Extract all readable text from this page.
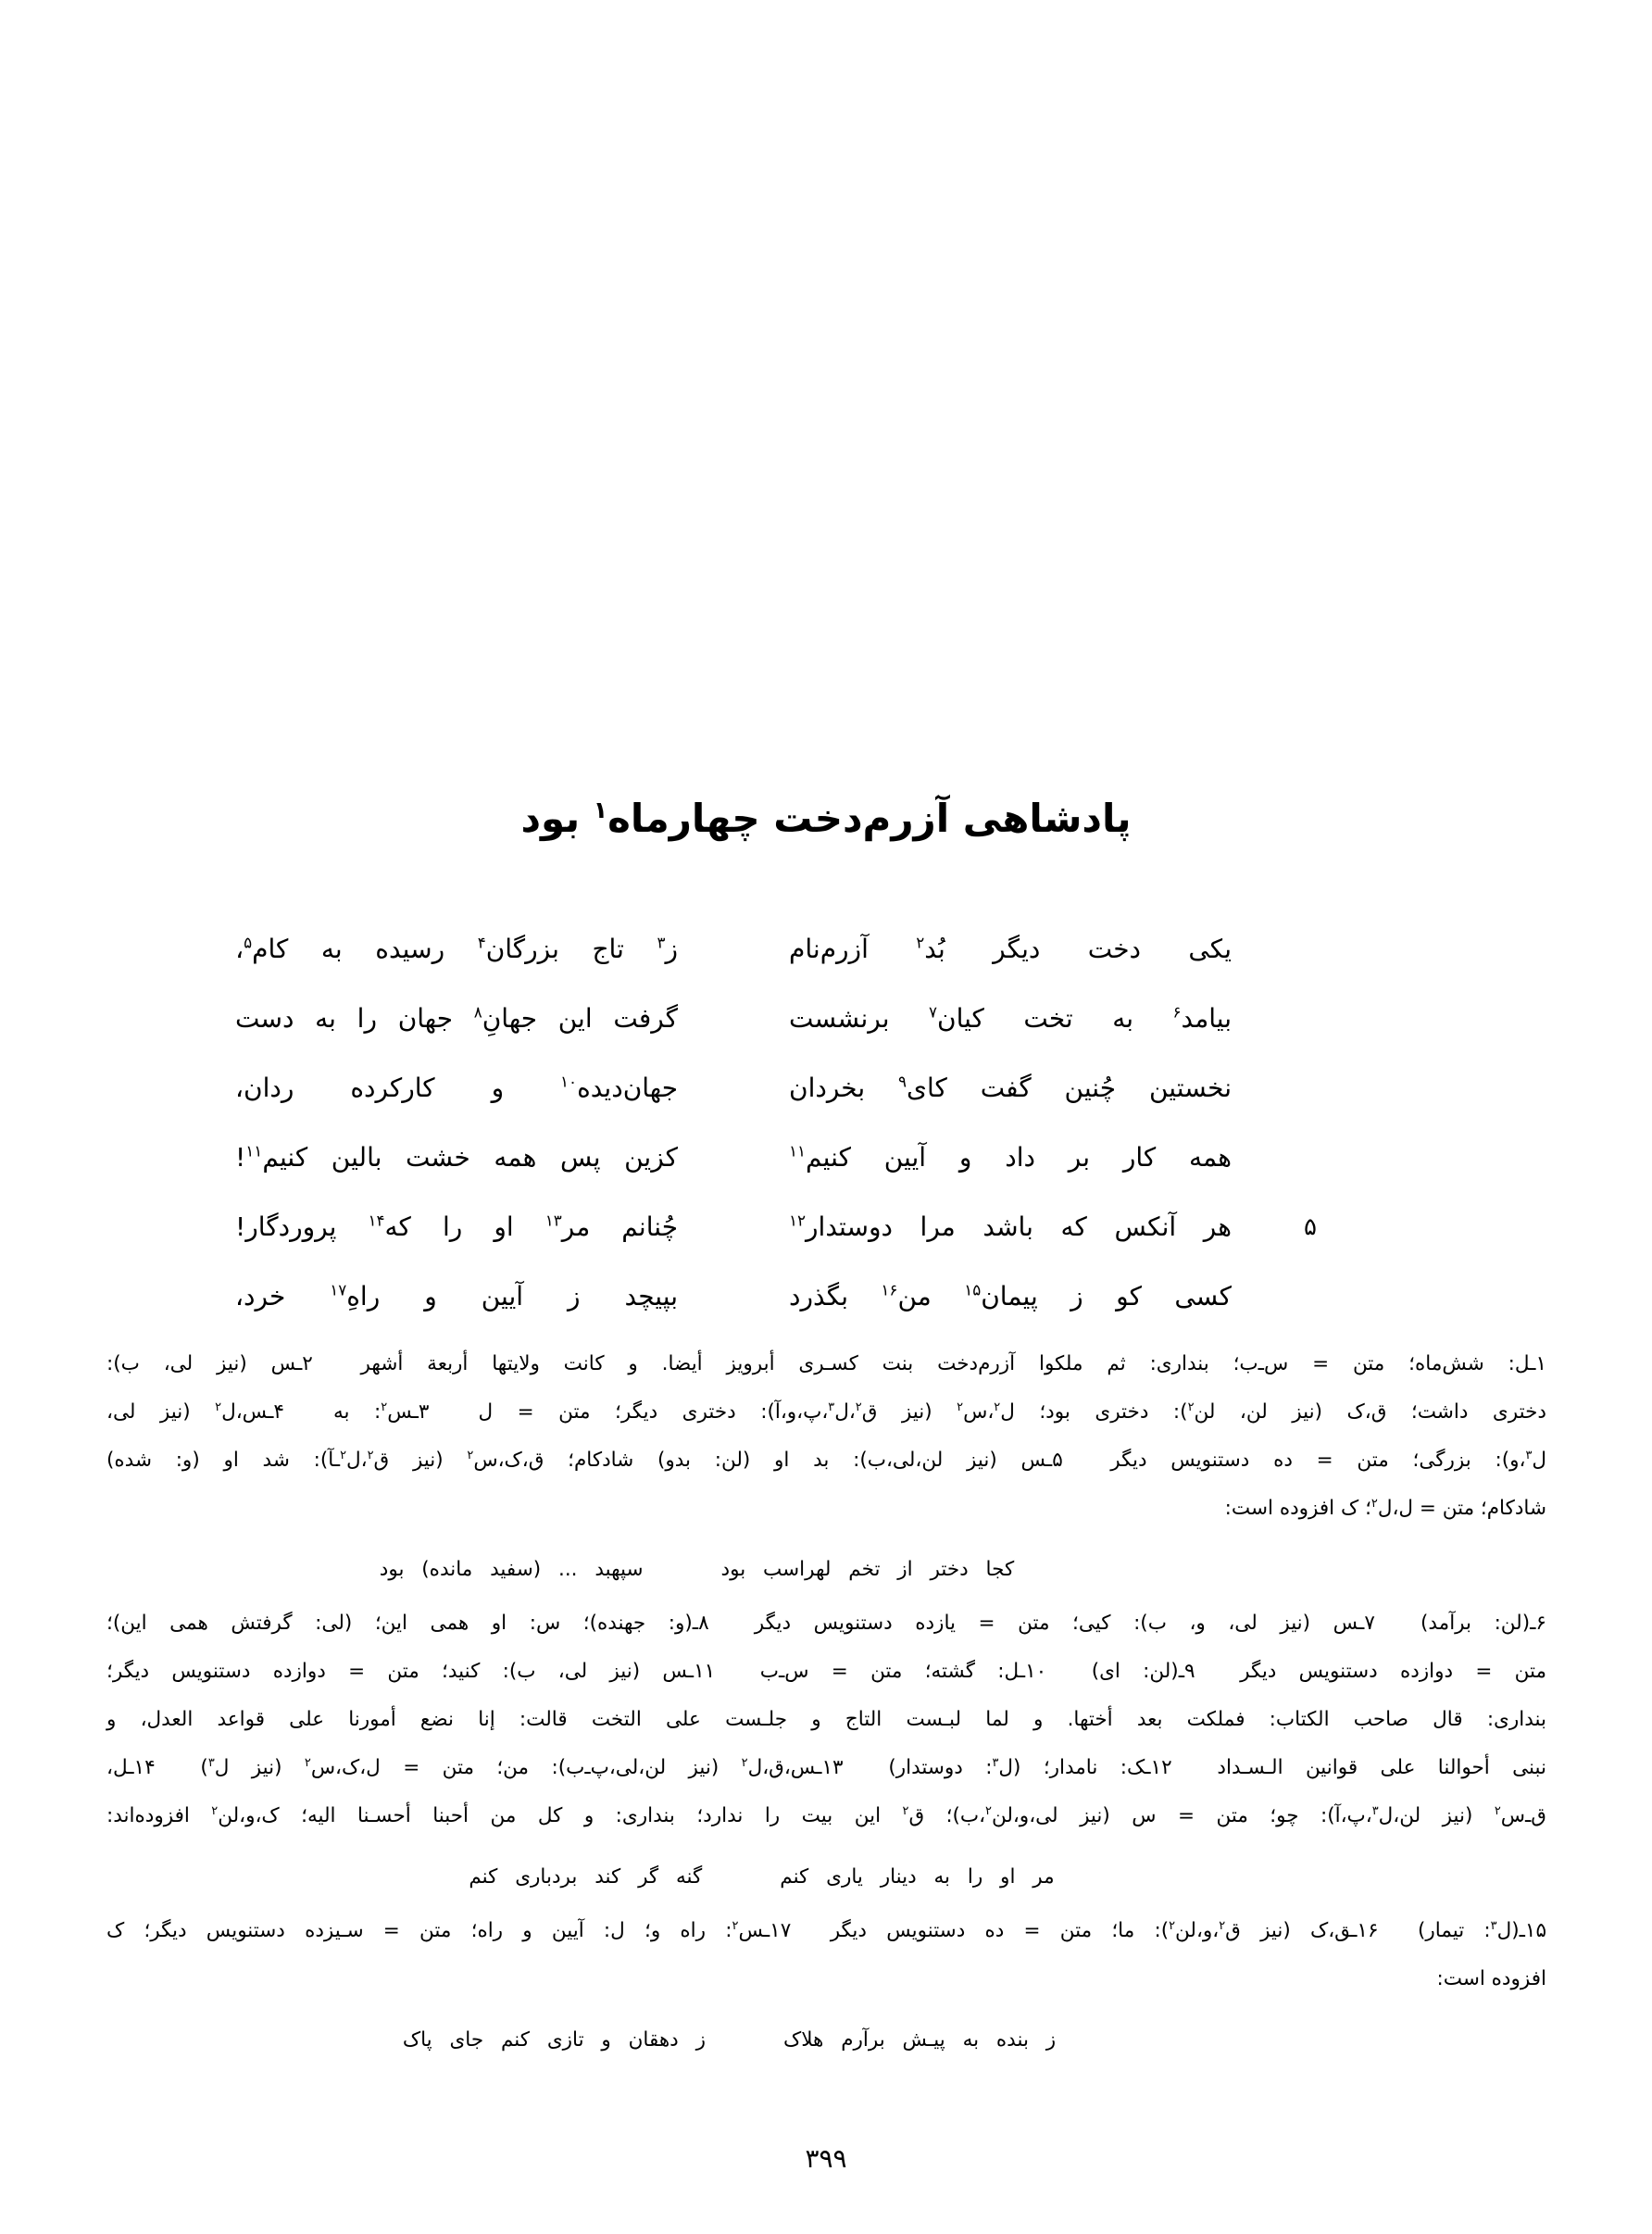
پادشاهی آزرم‌دخت چهارماه$^۱$ بود
یکی
دخت
دیگر
بُد$^۲$
آزرم‌نام
ز$^۳$
تاج
بزرگان$^۴$
رسیده
به
کام$^۵$،
بیامد$^۶$
به
تخت
کیان$^۷$
برنشست
گرفت
این
جهانِ$^۸$
جهان
را
به
دست
نخستین
چُنین
گفت
کای$^۹$
بخردان
جهان‌دیده$^{۱۰}$
و
کارکرده
ردان،
همه
کار
بر
داد
و
آیین
کنیم$^{۱۱}$
کزین
پس
همه
خشت
بالین
کنیم$^{۱۱}$!
۵
هر
آنکس
که
باشد
مرا
دوستدار$^{۱۲}$
چُنانم
مر$^{۱۳}$
او
را
که$^{۱۴}$
پروردگار!
کسی
کو
ز
پیمان$^{۱۵}$
من$^{۱۶}$
بگذرد
بپیچد
ز
آیین
و
راهِ$^{۱۷}$
خرد،
۱ـل: شش‌ماه؛ متن = س‌ـ‌ب؛ بنداری: ثم ملکوا آزرم‌دخت بنت کسـری أبرویز أیضا. و کانت ولایتها أربعة أشهر  ۲ـس (نیز لی، ب):
دختری داشت؛ ق،ک (نیز لن، لن$^۲$): دختری بود؛ ل$^۲$،س$^۲$ (نیز ق$^۲$،ل$^۳$،پ،و،آ): دختری دیگر؛ متن = ل  ۳ـس$^۲$: به  ۴ـس،ل$^۲$ (نیز لی،
ل$^۳$،و): بزرگی؛ متن = ده دستنویس دیگر  ۵ـس (نیز لن،لی،ب): بد او (لن: بدو) شادکام؛ ق،ک،س$^۲$ (نیز ق$^۲$،ل$^۲$ـآ): شد او (و: شده)
شادکام؛ متن = ل،ل$^۲$؛ ک افزوده است:
کجا دختر از تخم لهراسب بود
سپهبد ... (سفید مانده) بود
۶ـ(لن: برآمد)  ۷ـس (نیز لی، و، ب): کیی؛ متن = یازده دستنویس دیگر  ۸ـ(و: جهنده)؛ س: او همی این؛ (لی: گرفتش همی این)؛
متن = دوازده دستنویس دیگر  ۹ـ(لن: ای)  ۱۰ـل: گشته؛ متن = س‌ـ‌ب  ۱۱ـس (نیز لی، ب): کنید؛ متن = دوازده دستنویس دیگر؛
بنداری: قال صاحب الکتاب: فملکت بعد أختها. و لما لبـست التاج و جلـست علی التخت قالت: إنا نضع أمورنا علی قواعد العدل، و
نبنی أحوالنا علی قوانین الـسـداد  ۱۲ـک: نامدار؛ (ل$^۳$: دوستدار)  ۱۳ـس،ق،ل$^۲$ (نیز لن،لی،پ‌ـ‌ب): من؛ متن = ل،ک،س$^۲$ (نیز ل$^۳$)  ۱۴ـل،
ق‌ـ‌س$^۲$ (نیز لن،ل$^۳$،پ،آ): چو؛ متن = س (نیز لی،و،لن$^۲$،ب)؛ ق$^۲$ این بیت را ندارد؛ بنداری: و کل من أحبنا أحسـنا الیه؛ ک،و،لن$^۲$ افزوده‌اند:
مر او را به دینار یاری کنم
گنه گر کند بردباری کنم
۱۵ـ(ل$^۳$: تیمار)  ۱۶ـق،ک (نیز ق$^۲$،و،لن$^۲$): ما؛ متن = ده دستنویس دیگر  ۱۷ـس$^۲$: راه و؛ ل: آیین و راه؛ متن = سـیزده دستنویس دیگر؛ ک
افزوده است:
ز بنده به پیـش برآرم هلاک
ز دهقان و تازی کنم جای پاک
۳۹۹
